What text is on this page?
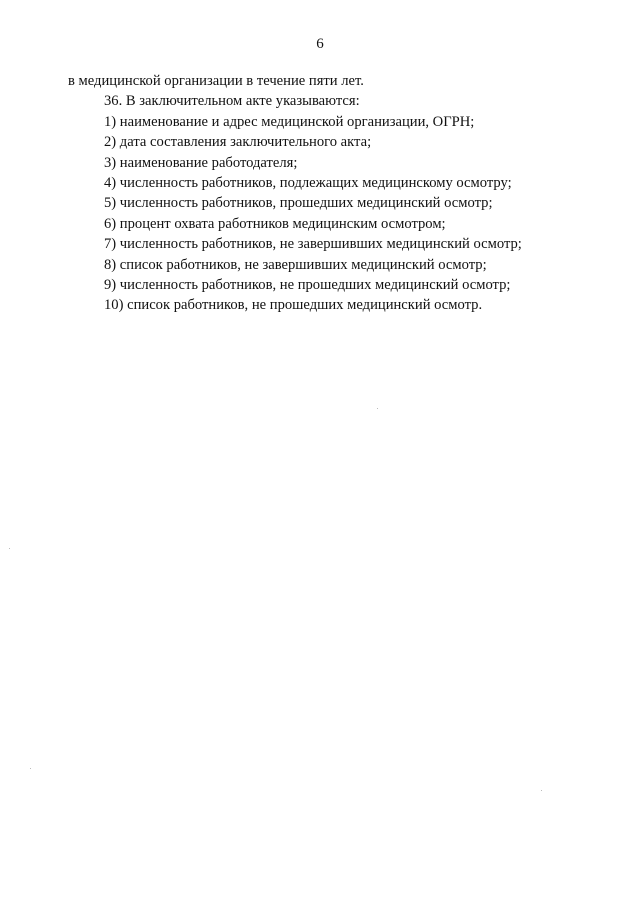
6
в медицинской организации в течение пяти лет.
36. В заключительном акте указываются:
1) наименование и адрес медицинской организации, ОГРН;
2) дата составления заключительного акта;
3) наименование работодателя;
4) численность работников, подлежащих медицинскому осмотру;
5) численность работников, прошедших медицинский осмотр;
6) процент охвата работников медицинским осмотром;
7) численность работников, не завершивших медицинский осмотр;
8) список работников, не завершивших медицинский осмотр;
9) численность работников, не прошедших медицинский осмотр;
10) список работников, не прошедших медицинский осмотр.
